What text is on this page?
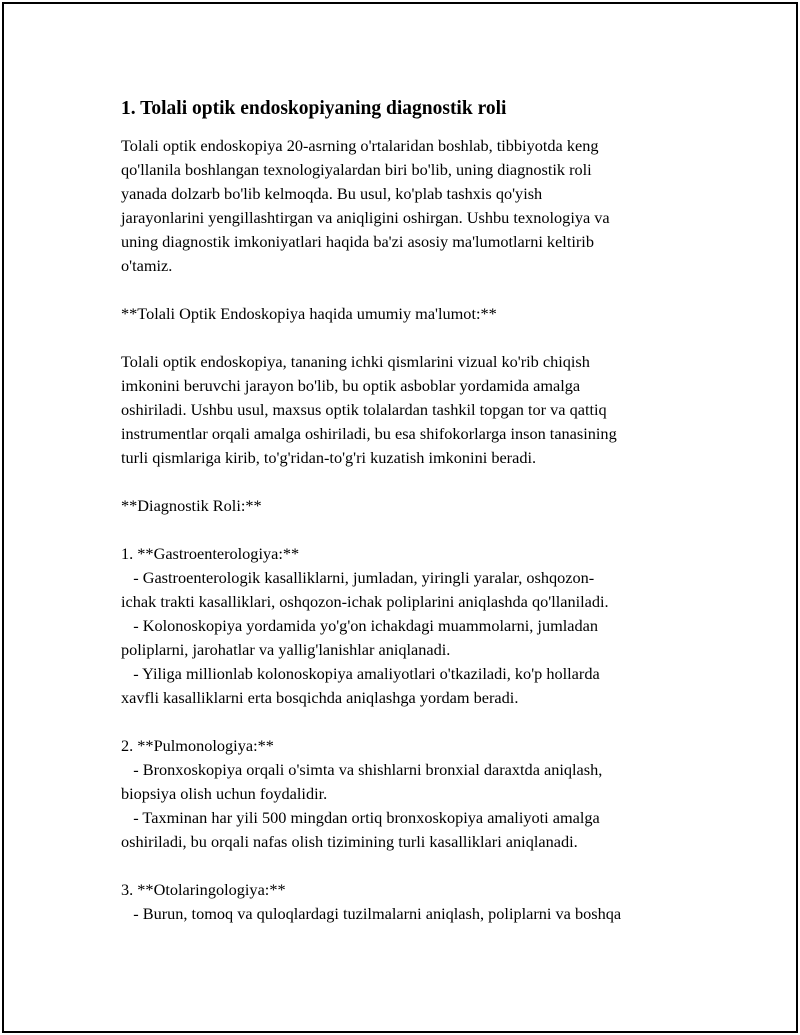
1. Tolali optik endoskopiyaning diagnostik roli
Tolali optik endoskopiya 20-asrning o'rtalaridan boshlab, tibbiyotda keng
qo'llanila boshlangan texnologiyalardan biri bo'lib, uning diagnostik roli
yanada dolzarb bo'lib kelmoqda. Bu usul, ko'plab tashxis qo'yish
jarayonlarini yengillashtirgan va aniqligini oshirgan. Ushbu texnologiya va
uning diagnostik imkoniyatlari haqida ba'zi asosiy ma'lumotlarni keltirib
o'tamiz.
**Tolali Optik Endoskopiya haqida umumiy ma'lumot:**
Tolali optik endoskopiya, tananing ichki qismlarini vizual ko'rib chiqish
imkonini beruvchi jarayon bo'lib, bu optik asboblar yordamida amalga
oshiriladi. Ushbu usul, maxsus optik tolalardan tashkil topgan tor va qattiq
instrumentlar orqali amalga oshiriladi, bu esa shifokorlarga inson tanasining
turli qismlariga kirib, to'g'ridan-to'g'ri kuzatish imkonini beradi.
**Diagnostik Roli:**
1. **Gastroenterologiya:**
- Gastroenterologik kasalliklarni, jumladan, yiringli yaralar, oshqozon-
ichak trakti kasalliklari, oshqozon-ichak poliplarini aniqlashda qo'llaniladi.
- Kolonoskopiya yordamida yo'g'on ichakdagi muammolarni, jumladan
poliplarni, jarohatlar va yallig'lanishlar aniqlanadi.
- Yiliga millionlab kolonoskopiya amaliyotlari o'tkaziladi, ko'p hollarda
xavfli kasalliklarni erta bosqichda aniqlashga yordam beradi.
2. **Pulmonologiya:**
- Bronxoskopiya orqali o'simta va shishlarni bronxial daraxtda aniqlash,
biopsiya olish uchun foydalidir.
- Taxminan har yili 500 mingdan ortiq bronxoskopiya amaliyoti amalga
oshiriladi, bu orqali nafas olish tizimining turli kasalliklari aniqlanadi.
3. **Otolaringologiya:**
- Burun, tomoq va quloqlardagi tuzilmalarni aniqlash, poliplarni va boshqa
